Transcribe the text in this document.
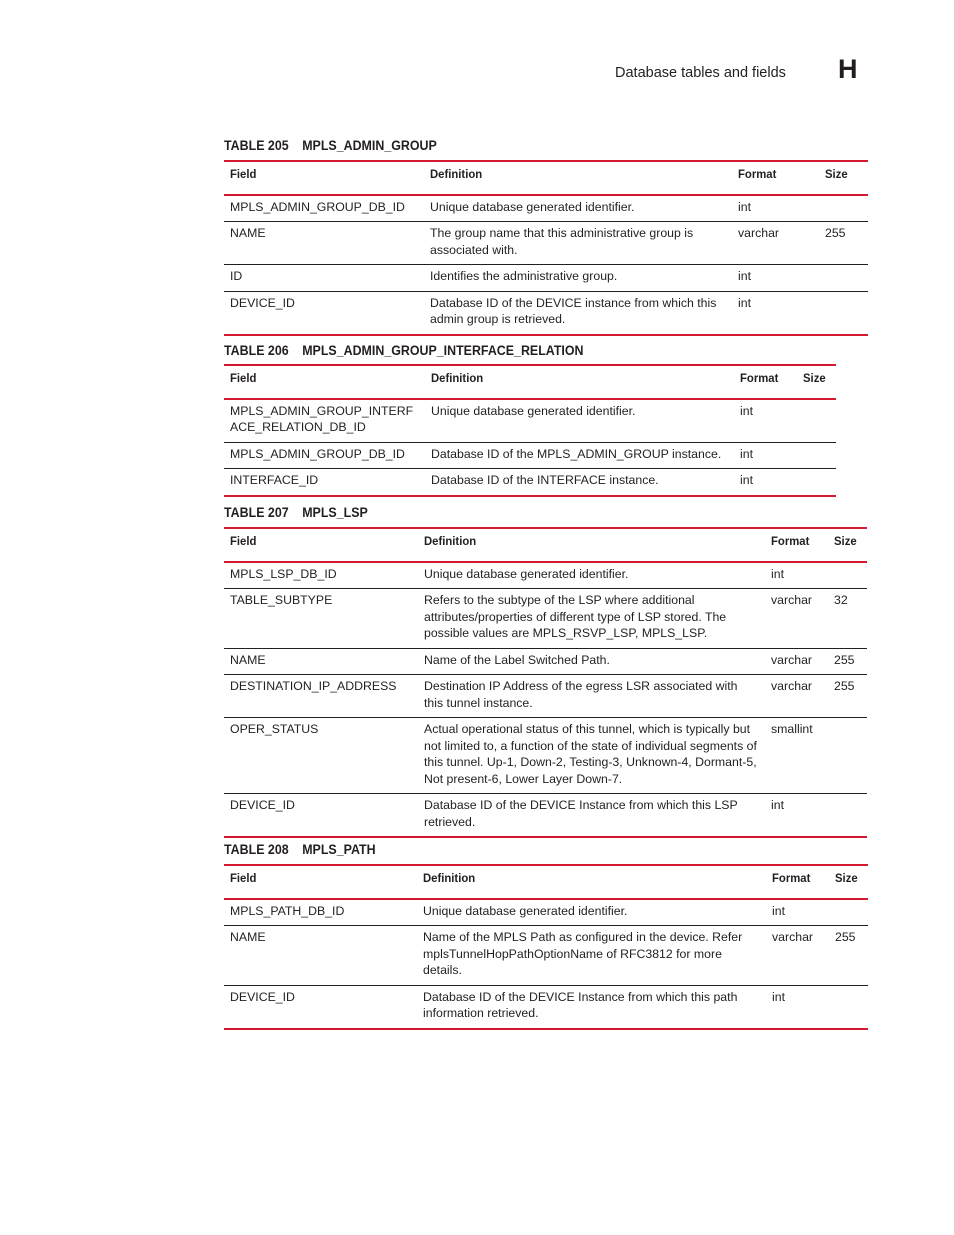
Database tables and fields H
TABLE 205 MPLS_ADMIN_GROUP
Field	Definition	Format	Size
MPLS_ADMIN_GROUP_DB_ID	Unique database generated identifier.	int	
NAME	The group name that this administrative group is associated with.	varchar	255
ID	Identifies the administrative group.	int	
DEVICE_ID	Database ID of the DEVICE instance from which this admin group is retrieved.	int	
TABLE 206 MPLS_ADMIN_GROUP_INTERFACE_RELATION
Field	Definition	Format	Size
MPLS_ADMIN_GROUP_INTERFACE_RELATION_DB_ID	Unique database generated identifier.	int	
MPLS_ADMIN_GROUP_DB_ID	Database ID of the MPLS_ADMIN_GROUP instance.	int	
INTERFACE_ID	Database ID of the INTERFACE instance.	int	
TABLE 207 MPLS_LSP
Field	Definition	Format	Size
MPLS_LSP_DB_ID	Unique database generated identifier.	int	
TABLE_SUBTYPE	Refers to the subtype of the LSP where additional attributes/properties of different type of LSP stored. The possible values are MPLS_RSVP_LSP, MPLS_LSP.	varchar	32
NAME	Name of the Label Switched Path.	varchar	255
DESTINATION_IP_ADDRESS	Destination IP Address of the egress LSR associated with this tunnel instance.	varchar	255
OPER_STATUS	Actual operational status of this tunnel, which is typically but not limited to, a function of the state of individual segments of this tunnel. Up-1, Down-2, Testing-3, Unknown-4, Dormant-5, Not present-6, Lower Layer Down-7.	smallint	
DEVICE_ID	Database ID of the DEVICE Instance from which this LSP retrieved.	int	
TABLE 208 MPLS_PATH
Field	Definition	Format	Size
MPLS_PATH_DB_ID	Unique database generated identifier.	int	
NAME	Name of the MPLS Path as configured in the device. Refer mplsTunnelHopPathOptionName of RFC3812 for more details.	varchar	255
DEVICE_ID	Database ID of the DEVICE Instance from which this path information retrieved.	int	
